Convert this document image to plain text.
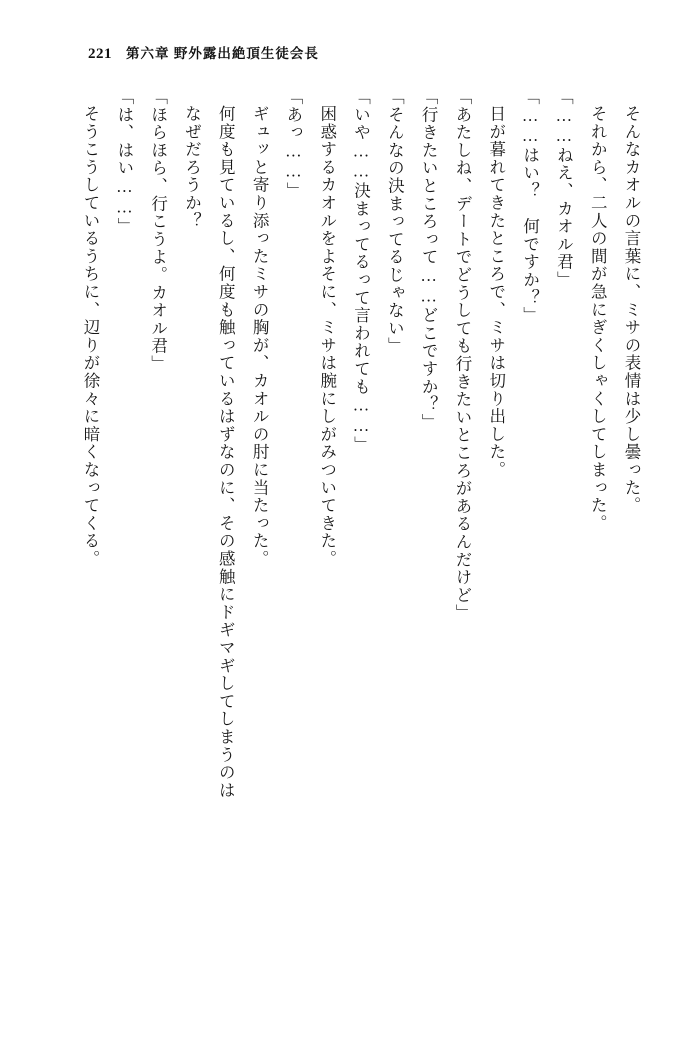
221 第六章 野外露出絶頂生徒会長

そんなカオルの言葉に、ミサの表情は少し曇った。

それから、二人の間が急にぎくしゃくしてしまった。

「……ねえ、カオル君」

「……はい？　何ですか？」

日が暮れてきたところで、ミサは切り出した。

「あたしね、デートでどうしても行きたいところがあるんだけど」

「行きたいところって……どこですか？」

「そんなの決まってるじゃない」

「いや……決まってるって言われても……」

困惑するカオルをよそに、ミサは腕にしがみついてきた。

「あっ……」

ギュッと寄り添ったミサの胸が、カオルの肘に当たった。

何度も見ているし、何度も触っているはずなのに、その感触にドギマギしてしまうのは

なぜだろうか？

「ほらほら、行こうよ。カオル君」

「は、はい……」

そうこうしているうちに、辺りが徐々に暗くなってくる。
